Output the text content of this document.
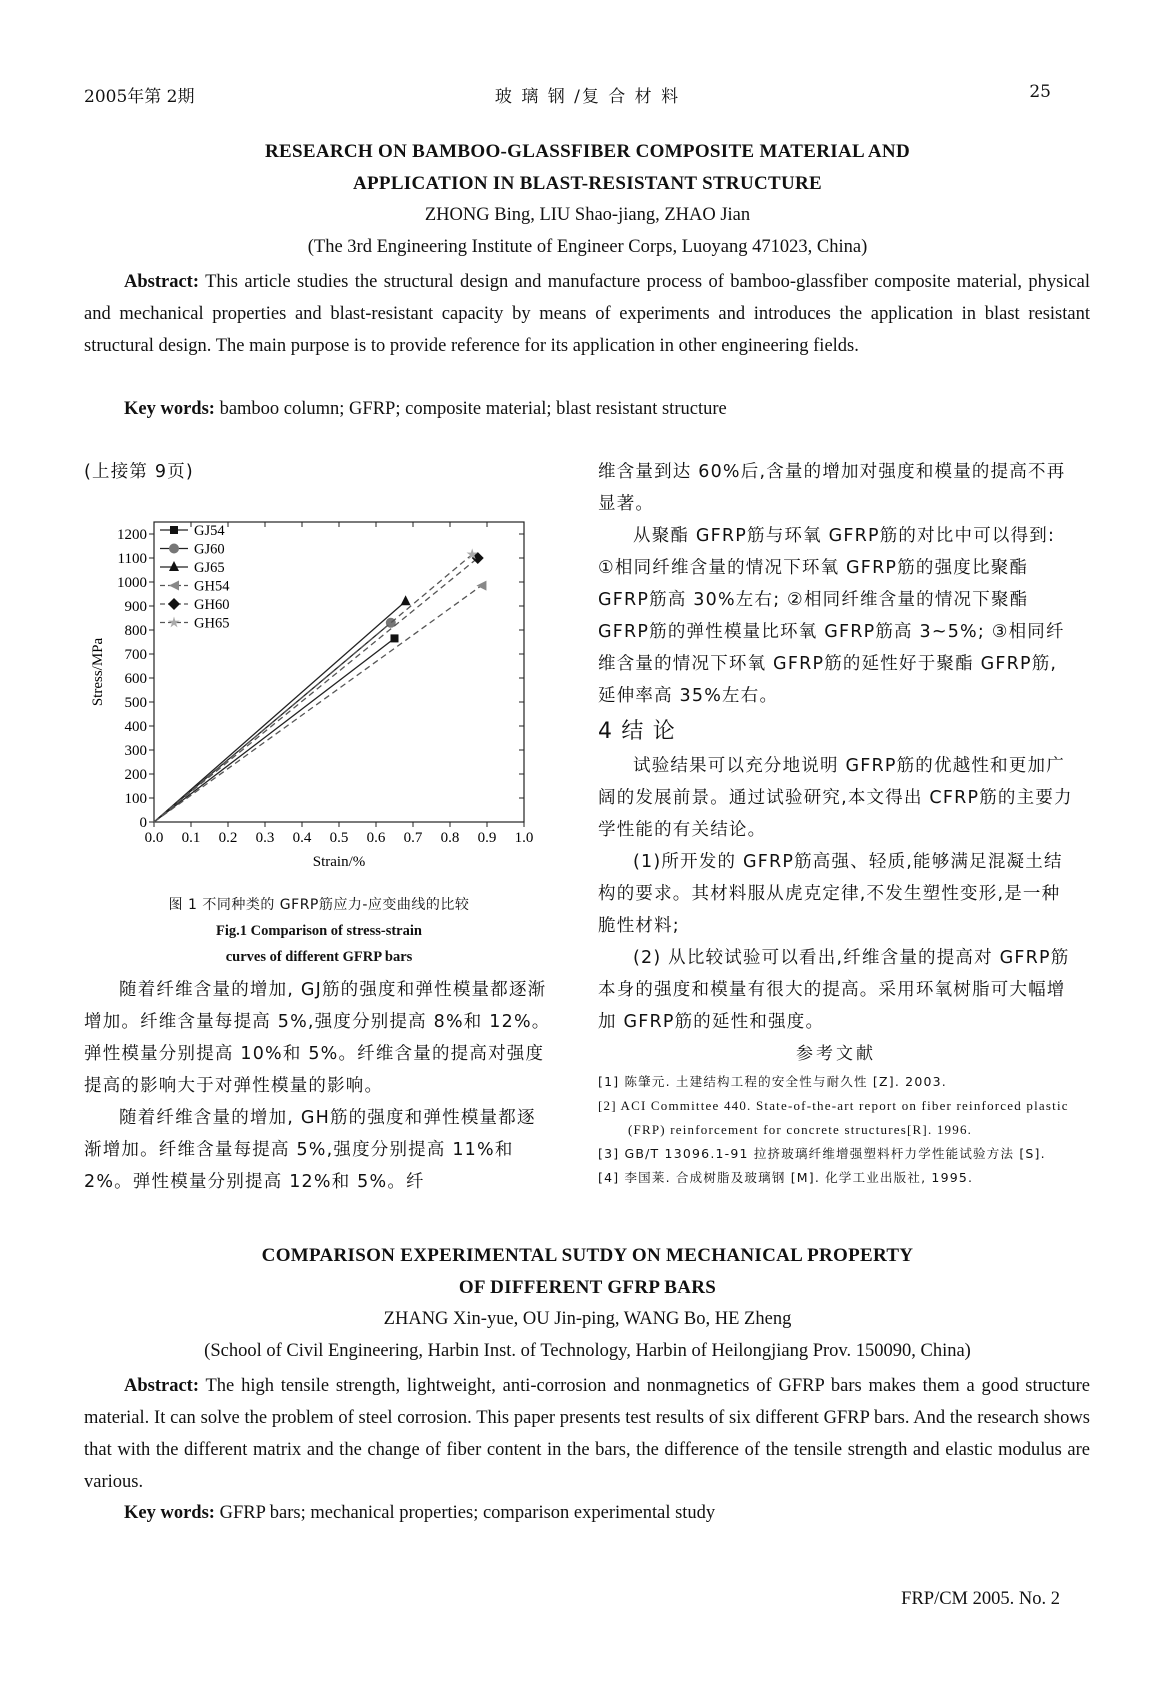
2005年第 2期	玻 璃 钢 /复 合 材 料	25
RESEARCH ON BAMBOO-GLASSFIBER COMPOSITE MATERIAL AND
APPLICATION IN BLAST-RESISTANT STRUCTURE
ZHONG Bing, LIU Shao-jiang, ZHAO Jian
(The 3rd Engineering Institute of Engineer Corps, Luoyang 471023, China)
Abstract: This article studies the structural design and manufacture process of bamboo-glassfiber composite material, physical and mechanical properties and blast-resistant capacity by means of experiments and introduces the application in blast resistant structural design. The main purpose is to provide reference for its application in other engineering fields.
Key words: bamboo column; GFRP; composite material; blast resistant structure
(上接第 9页)
0
100
200
300
400
500
600
700
800
900
1000
1100
1200
0.0 0.1 0.2 0.3 0.4 0.5 0.6 0.7 0.8 0.9 1.0
Strain/%
Stress/MPa
GJ54
GJ60
GJ65
GH54
GH60
GH65
图 1 不同种类的 GFRP筋应力-应变曲线的比较
Fig.1 Comparison of stress-strain
curves of different GFRP bars

随着纤维含量的增加, GJ筋的强度和弹性模量都逐渐增加。纤维含量每提高 5%,强度分别提高 8%和 12%。弹性模量分别提高 10%和 5%。纤维含量的提高对强度提高的影响大于对弹性模量的影响。

随着纤维含量的增加, GH筋的强度和弹性模量都逐渐增加。纤维含量每提高 5%,强度分别提高 11%和 2%。弹性模量分别提高 12%和 5%。纤

维含量到达 60%后,含量的增加对强度和模量的提高不再显著。

从聚酯 GFRP筋与环氧 GFRP筋的对比中可以得到: ①相同纤维含量的情况下环氧 GFRP筋的强度比聚酯 GFRP筋高 30%左右; ②相同纤维含量的情况下聚酯 GFRP筋的弹性模量比环氧 GFRP筋高 3~5%; ③相同纤维含量的情况下环氧 GFRP筋的延性好于聚酯 GFRP筋,延伸率高 35%左右。

4 结 论

试验结果可以充分地说明 GFRP筋的优越性和更加广阔的发展前景。通过试验研究,本文得出 CFRP筋的主要力学性能的有关结论。

(1)所开发的 GFRP筋高强、轻质,能够满足混凝土结构的要求。其材料服从虎克定律,不发生塑性变形,是一种脆性材料;

(2) 从比较试验可以看出,纤维含量的提高对 GFRP筋本身的强度和模量有很大的提高。采用环氧树脂可大幅增加 GFRP筋的延性和强度。

参考文献

[1] 陈肇元. 土建结构工程的安全性与耐久性 [Z]. 2003.
[2] ACI Committee 440. State-of-the-art report on fiber reinforced plastic
(FRP) reinforcement for concrete structures[R]. 1996.
[3] GB/T 13096.1-91 拉挤玻璃纤维增强塑料杆力学性能试验方法 [S].
[4] 李国莱. 合成树脂及玻璃钢 [M]. 化学工业出版社, 1995.
COMPARISON EXPERIMENTAL SUTDY ON MECHANICAL PROPERTY
OF DIFFERENT GFRP BARS
ZHANG Xin-yue, OU Jin-ping, WANG Bo, HE Zheng
(School of Civil Engineering, Harbin Inst. of Technology, Harbin of Heilongjiang Prov. 150090, China)
Abstract: The high tensile strength, lightweight, anti-corrosion and nonmagnetics of GFRP bars makes them a good structure material. It can solve the problem of steel corrosion. This paper presents test results of six different GFRP bars. And the research shows that with the different matrix and the change of fiber content in the bars, the difference of the tensile strength and elastic modulus are various.
Key words: GFRP bars; mechanical properties; comparison experimental study
FRP/CM 2005. No. 2
